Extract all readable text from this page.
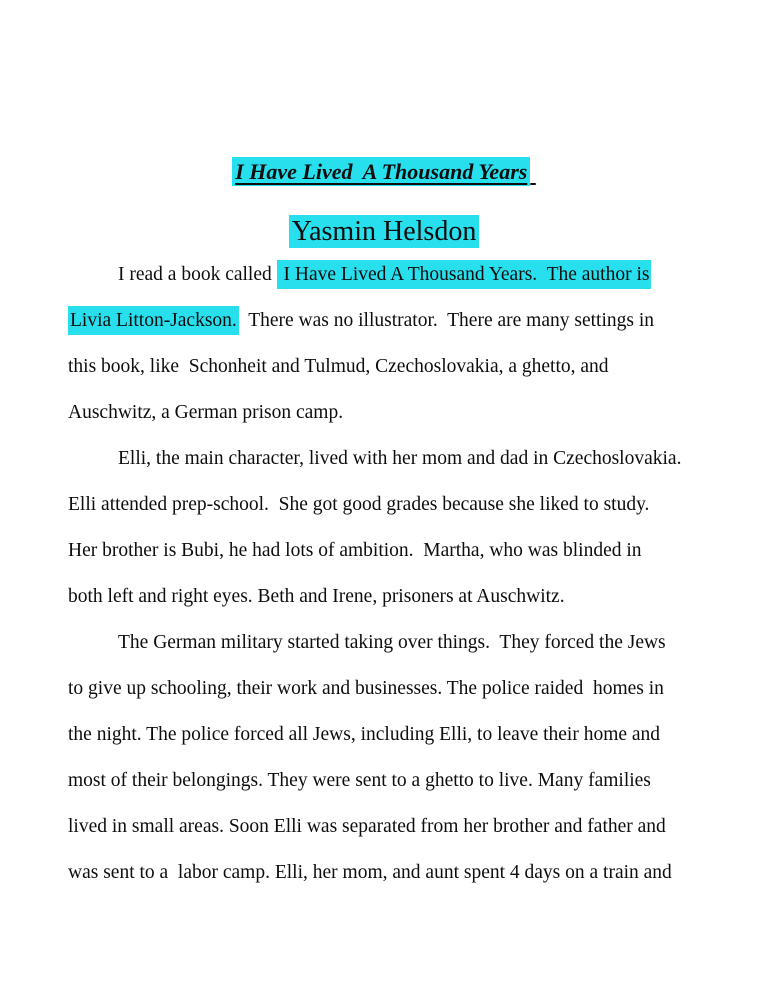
I Have Lived  A Thousand Years
Yasmin Helsdon
I read a book called  I Have Lived A Thousand Years.  The author is
Livia Litton-Jackson.  There was no illustrator.  There are many settings in
this book, like  Schonheit and Tulmud, Czechoslovakia, a ghetto, and
Auschwitz, a German prison camp.
Elli, the main character, lived with her mom and dad in Czechoslovakia.
Elli attended prep-school.  She got good grades because she liked to study.
Her brother is Bubi, he had lots of ambition.  Martha, who was blinded in
both left and right eyes. Beth and Irene, prisoners at Auschwitz.
The German military started taking over things.  They forced the Jews
to give up schooling, their work and businesses. The police raided  homes in
the night. The police forced all Jews, including Elli, to leave their home and
most of their belongings. They were sent to a ghetto to live. Many families
lived in small areas. Soon Elli was separated from her brother and father and
was sent to a  labor camp. Elli, her mom, and aunt spent 4 days on a train and
